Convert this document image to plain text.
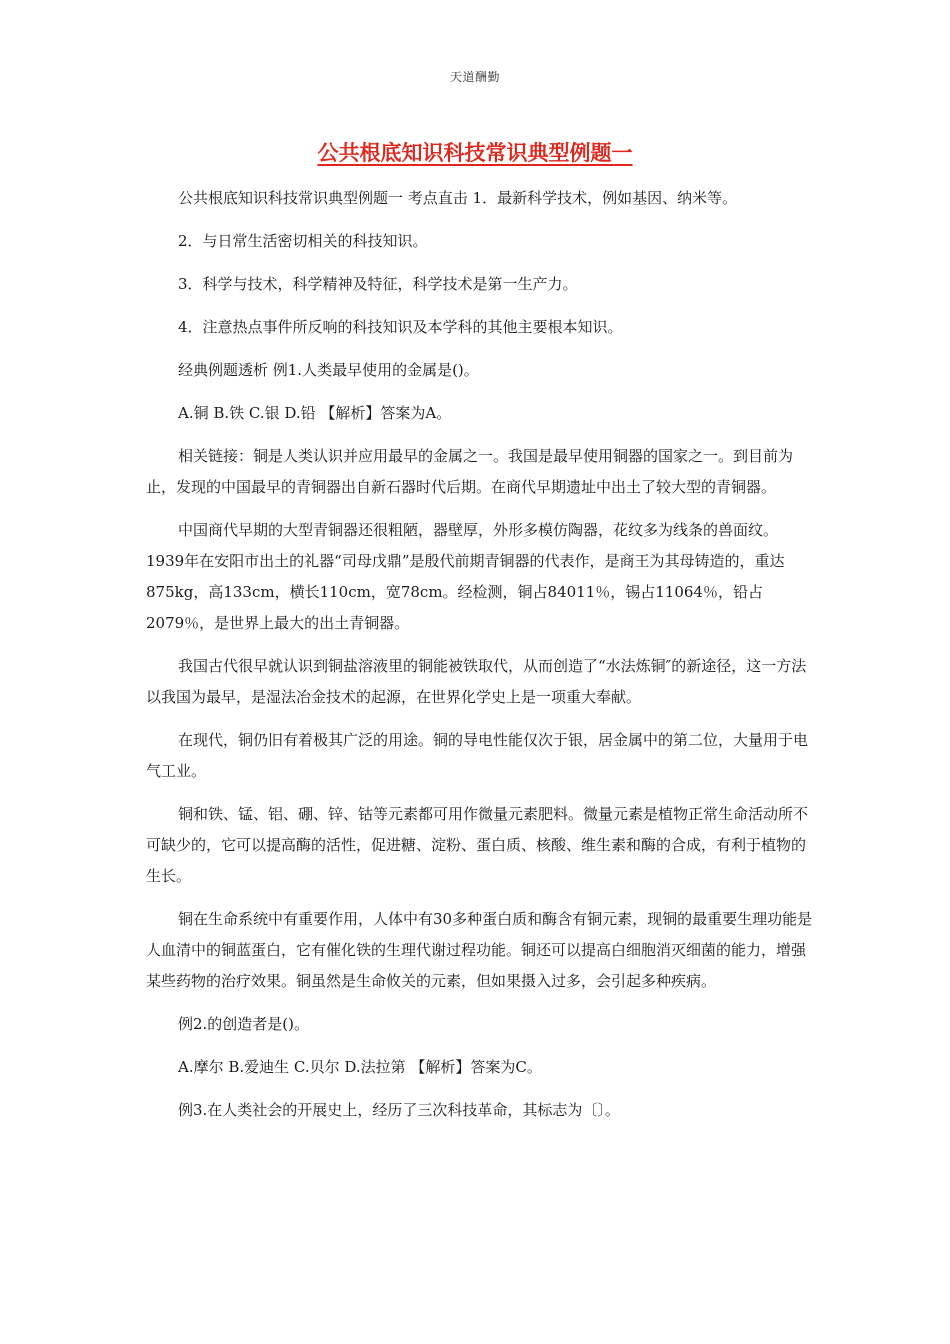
天道酬勤
公共根底知识科技常识典型例题一

公共根底知识科技常识典型例题一 考点直击 1．最新科学技术，例如基因、纳米等。

2．与日常生活密切相关的科技知识。

3．科学与技术，科学精神及特征，科学技术是第一生产力。

4．注意热点事件所反响的科技知识及本学科的其他主要根本知识。

经典例题透析 例1.人类最早使用的金属是()。

A.铜 B.铁 C.银 D.铅 【解析】答案为A。

相关链接：铜是人类认识并应用最早的金属之一。我国是最早使用铜器的国家之一。到目前为止，发现的中国最早的青铜器出自新石器时代后期。在商代早期遗址中出土了较大型的青铜器。

中国商代早期的大型青铜器还很粗陋，器壁厚，外形多模仿陶器，花纹多为线条的兽面纹。1939年在安阳市出土的礼器“司母戊鼎”是殷代前期青铜器的代表作，是商王为其母铸造的，重达875kg，高133cm，横长110cm，宽78cm。经检测，铜占84011％，锡占11064％，铅占2079％，是世界上最大的出土青铜器。

我国古代很早就认识到铜盐溶液里的铜能被铁取代，从而创造了“水法炼铜″的新途径，这一方法以我国为最早，是湿法冶金技术的起源，在世界化学史上是一项重大奉献。

在现代，铜仍旧有着极其广泛的用途。铜的导电性能仅次于银，居金属中的第二位，大量用于电气工业。

铜和铁、锰、铝、硼、锌、钴等元素都可用作微量元素肥料。微量元素是植物正常生命活动所不可缺少的，它可以提高酶的活性，促进糖、淀粉、蛋白质、核酸、维生素和酶的合成，有利于植物的生长。

铜在生命系统中有重要作用，人体中有30多种蛋白质和酶含有铜元素，现铜的最重要生理功能是人血清中的铜蓝蛋白，它有催化铁的生理代谢过程功能。铜还可以提高白细胞消灭细菌的能力，增强某些药物的治疗效果。铜虽然是生命攸关的元素，但如果摄入过多，会引起多种疾病。

例2.的创造者是()。

A.摩尔 B.爱迪生 C.贝尔 D.法拉第 【解析】答案为C。

例3.在人类社会的开展史上，经历了三次科技革命，其标志为〔〕。
